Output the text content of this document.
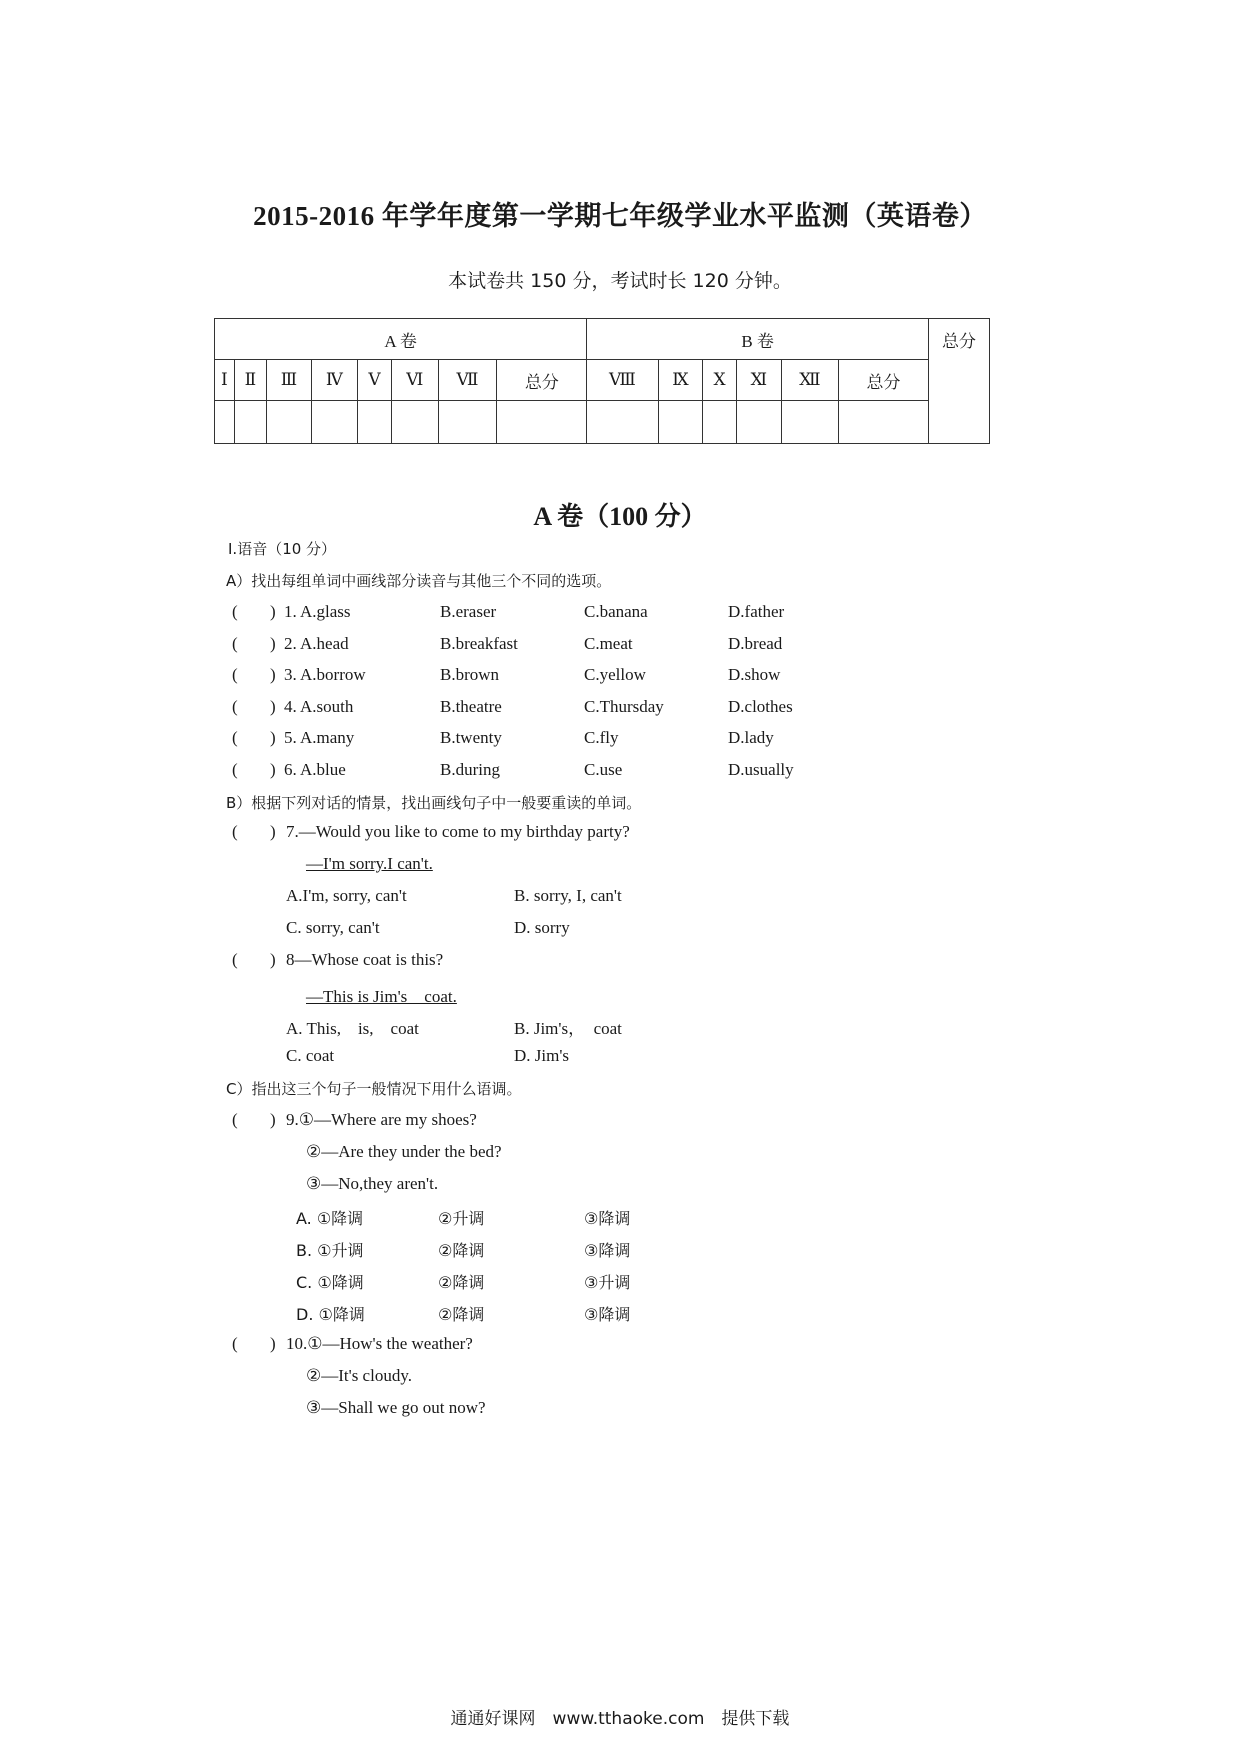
2015-2016 年学年度第一学期七年级学业水平监测（英语卷）
本试卷共 150 分，考试时长 120 分钟。
A 卷								B 卷						总分
Ⅰ	Ⅱ	Ⅲ	Ⅳ	Ⅴ	Ⅵ	Ⅶ	总分	Ⅷ	Ⅸ	Ⅹ	Ⅺ	Ⅻ	总分	

A 卷（100 分）
Ⅰ.语音（10 分）
A）找出每组单词中画线部分读音与其他三个不同的选项。
( ) 1. A.glass	B.eraser	C.banana	D.father
( ) 2. A.head	B.breakfast	C.meat	D.bread
( ) 3. A.borrow	B.brown	C.yellow	D.show
( ) 4. A.south	B.theatre	C.Thursday	D.clothes
( ) 5. A.many	B.twenty	C.fly	D.lady
( ) 6. A.blue	B.during	C.use	D.usually
B）根据下列对话的情景，找出画线句子中一般要重读的单词。
( ) 7.—Would you like to come to my birthday party?
—I'm sorry.I can't.
A.I'm, sorry, can't	B. sorry, I, can't
C. sorry, can't	D. sorry
( ) 8—Whose coat is this?
—This is Jim's　coat.
A. This,　is,　coat	B. Jim's，　coat
C. coat	D. Jim's
C）指出这三个句子一般情况下用什么语调。
( ) 9.①—Where are my shoes?
②—Are they under the bed?
③—No,they aren't.
A. ①降调	②升调	③降调
B. ①升调	②降调	③降调
C. ①降调	②降调	③升调
D. ①降调	②降调	③降调
( ) 10.①—How's the weather?
②—It's cloudy.
③—Shall we go out now?
通通好课网　www.tthaoke.com　提供下载
